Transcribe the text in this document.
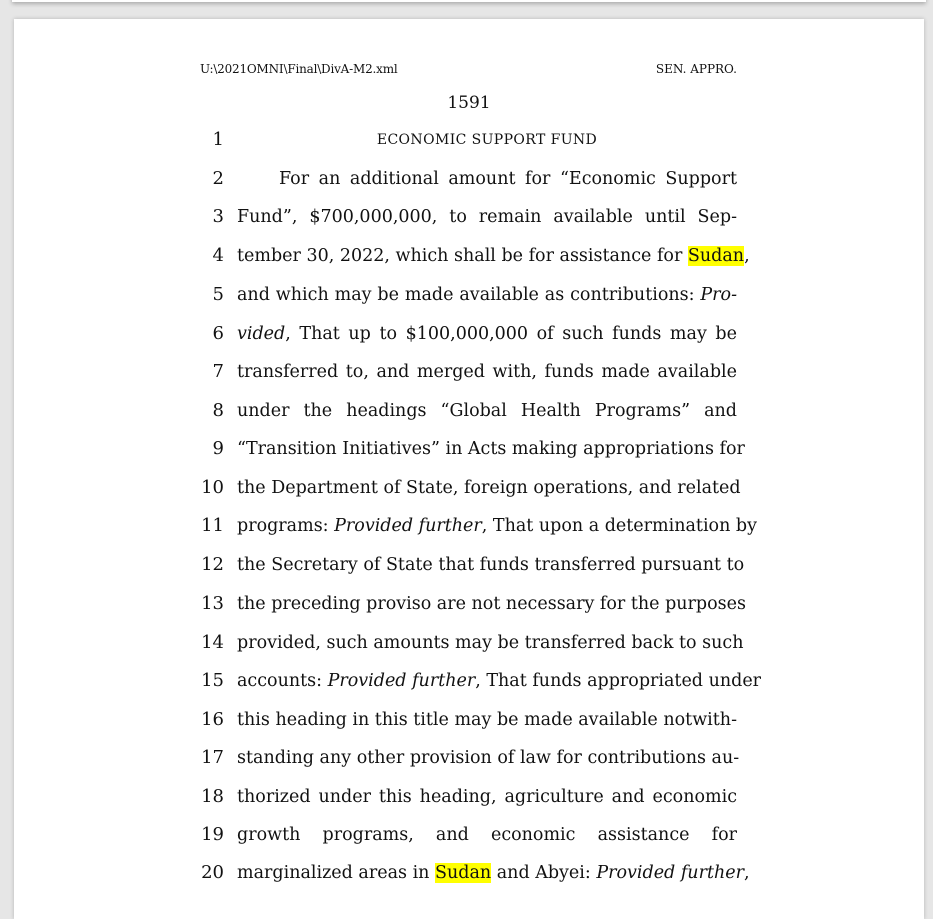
U:\2021OMNI\Final\DivA-M2.xml	SEN. APPRO.
1591
1	ECONOMIC SUPPORT FUND
2	For an additional amount for “Economic Support
3 Fund”, $700,000,000, to remain available until Sep-
4 tember 30, 2022, which shall be for assistance for Sudan,
5 and which may be made available as contributions: Pro-
6 vided, That up to $100,000,000 of such funds may be
7 transferred to, and merged with, funds made available
8 under the headings “Global Health Programs” and
9 “Transition Initiatives” in Acts making appropriations for
10 the Department of State, foreign operations, and related
11 programs: Provided further, That upon a determination by
12 the Secretary of State that funds transferred pursuant to
13 the preceding proviso are not necessary for the purposes
14 provided, such amounts may be transferred back to such
15 accounts: Provided further, That funds appropriated under
16 this heading in this title may be made available notwith-
17 standing any other provision of law for contributions au-
18 thorized under this heading, agriculture and economic
19 growth programs, and economic assistance for
20 marginalized areas in Sudan and Abyei: Provided further,
